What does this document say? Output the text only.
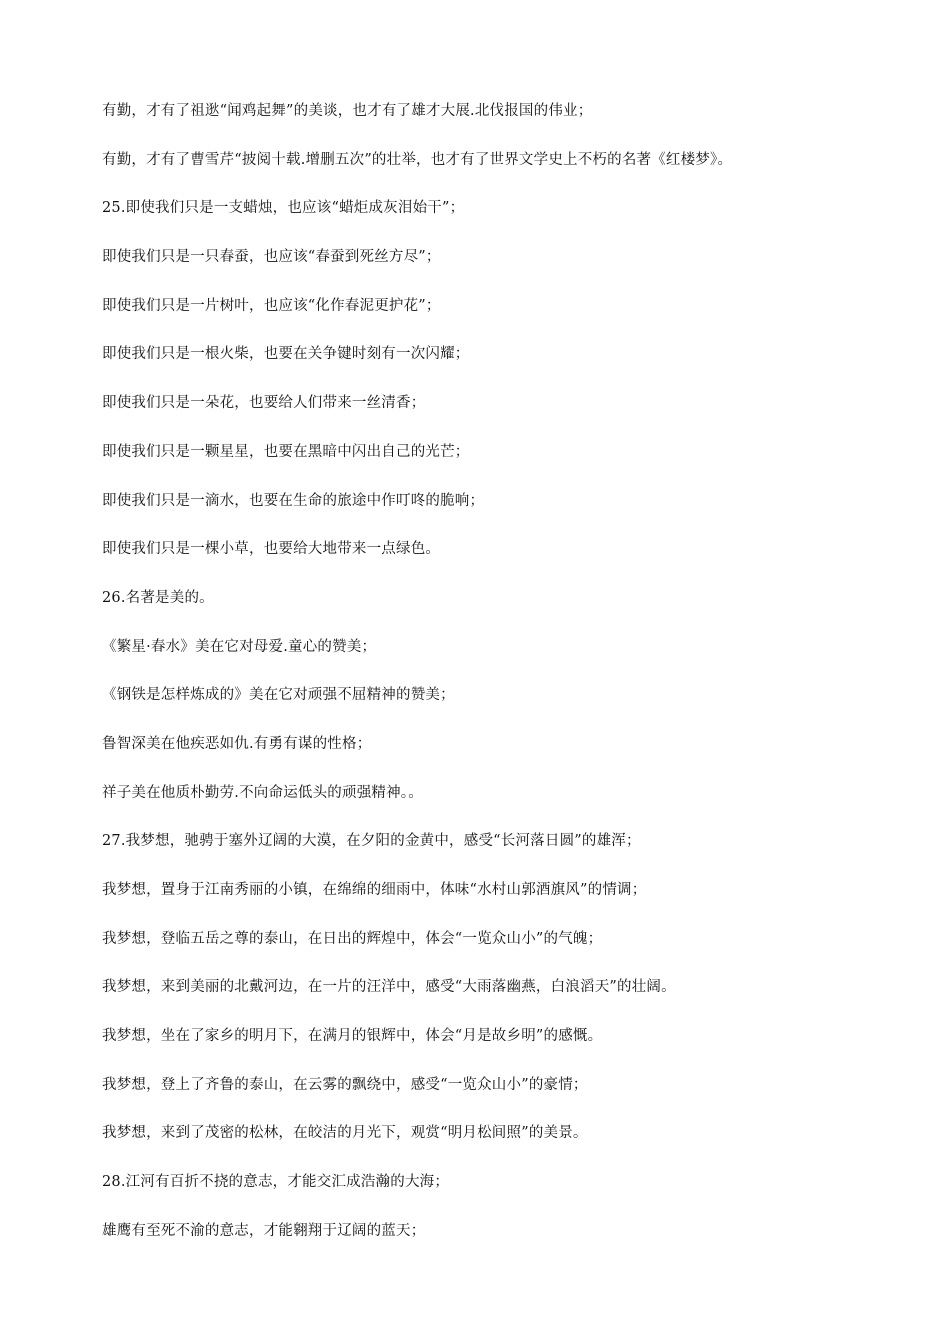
有勤，才有了祖逖“闻鸡起舞”的美谈，也才有了雄才大展.北伐报国的伟业；

有勤，才有了曹雪芹“披阅十载.增删五次”的壮举，也才有了世界文学史上不朽的名著《红楼梦》。

25.即使我们只是一支蜡烛，也应该“蜡炬成灰泪始干”；

即使我们只是一只春蚕，也应该“春蚕到死丝方尽”；

即使我们只是一片树叶，也应该“化作春泥更护花”；

即使我们只是一根火柴，也要在关争键时刻有一次闪耀；

即使我们只是一朵花，也要给人们带来一丝清香；

即使我们只是一颗星星，也要在黑暗中闪出自己的光芒；

即使我们只是一滴水，也要在生命的旅途中作叮咚的脆响；

即使我们只是一棵小草，也要给大地带来一点绿色。

26.名著是美的。

《繁星·春水》美在它对母爱.童心的赞美；

《钢铁是怎样炼成的》美在它对顽强不屈精神的赞美；

鲁智深美在他疾恶如仇.有勇有谋的性格；

祥子美在他质朴勤劳.不向命运低头的顽强精神。。

27.我梦想，驰骋于塞外辽阔的大漠，在夕阳的金黄中，感受“长河落日圆”的雄浑；

我梦想，置身于江南秀丽的小镇，在绵绵的细雨中，体味“水村山郭酒旗风”的情调；

我梦想，登临五岳之尊的泰山，在日出的辉煌中，体会“一览众山小”的气魄；

我梦想，来到美丽的北戴河边，在一片的汪洋中，感受“大雨落幽燕，白浪滔天”的壮阔。

我梦想，坐在了家乡的明月下，在满月的银辉中，体会“月是故乡明”的感慨。

我梦想，登上了齐鲁的泰山，在云雾的飘绕中，感受“一览众山小”的豪情；

我梦想，来到了茂密的松林，在皎洁的月光下，观赏“明月松间照”的美景。

28.江河有百折不挠的意志，才能交汇成浩瀚的大海；

雄鹰有至死不渝的意志，才能翱翔于辽阔的蓝天；
